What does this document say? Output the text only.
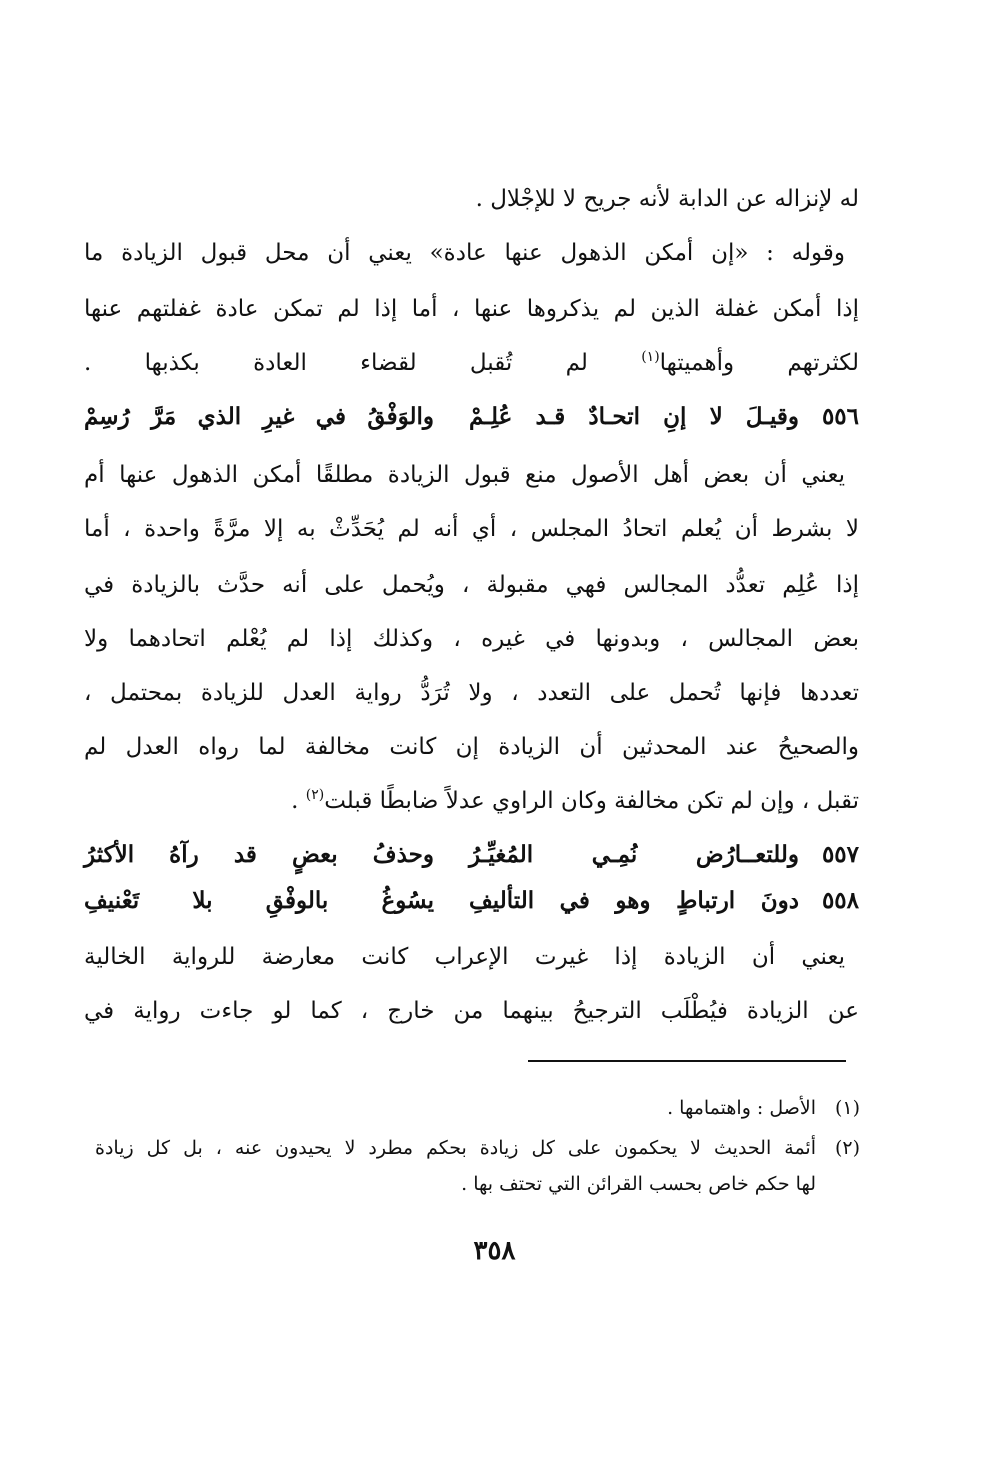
له لإنزاله عن الدابة لأنه جريح لا للإجْلال .
وقوله : «إن أمكن الذهول عنها عادة» يعني أن محل قبول الزيادة ما
إذا أمكن غفلة الذين لم يذكروها عنها ، أما إذا لم تمكن عادة غفلتهم عنها
لكثرتهم وأهميتها$^{(١)}$ لم تُقبل لقضاء العادة بكذبها .
٥٥٦
وقيـلَ لا إنِ اتحـادٌ قـد عُلِـمْ
والوَفْقُ في غيرِ الذي مَرَّ رُسِمْ
يعني أن بعض أهل الأصول منع قبول الزيادة مطلقًا أمكن الذهول عنها أم
لا بشرط أن يُعلم اتحادُ المجلس ، أي أنه لم يُحَدِّثْ به إلا مرَّةً واحدة ، أما
إذا عُلِم تعدُّد المجالس فهي مقبولة ، ويُحمل على أنه حدَّث بالزيادة في
بعض المجالس ، وبدونها في غيره ، وكذلك إذا لم يُعْلم اتحادهما ولا
تعددها فإنها تُحمل على التعدد ، ولا تُرَدُّ رواية العدل للزيادة بمحتمل ،
والصحيحُ عند المحدثين أن الزيادة إن كانت مخالفة لما رواه العدل لم
تقبل ، وإن لم تكن مخالفة وكان الراوي عدلاً ضابطًا قبلت$^{(٢)}$ .
٥٥٧
وللتعــارُض نُمِـي المُغيِّـرُ
وحذفُ بعضٍ قد رآهُ الأكثرُ
٥٥٨
دونَ ارتباطٍ وهو في التأليفِ
يسُوغُ بالوفْقِ بلا تَعْنيفِ
يعني أن الزيادة إذا غيرت الإعراب كانت معارضة للرواية الخالية
عن الزيادة فيُطْلَب الترجيحُ بينهما من خارج ، كما لو جاءت رواية في
(١)الأصل : واهتمامها .
(٢)أئمة الحديث لا يحكمون على كل زيادة بحكم مطرد لا يحيدون عنه ، بل كل زيادة
لها حكم خاص بحسب القرائن التي تحتف بها .
٣٥٨
